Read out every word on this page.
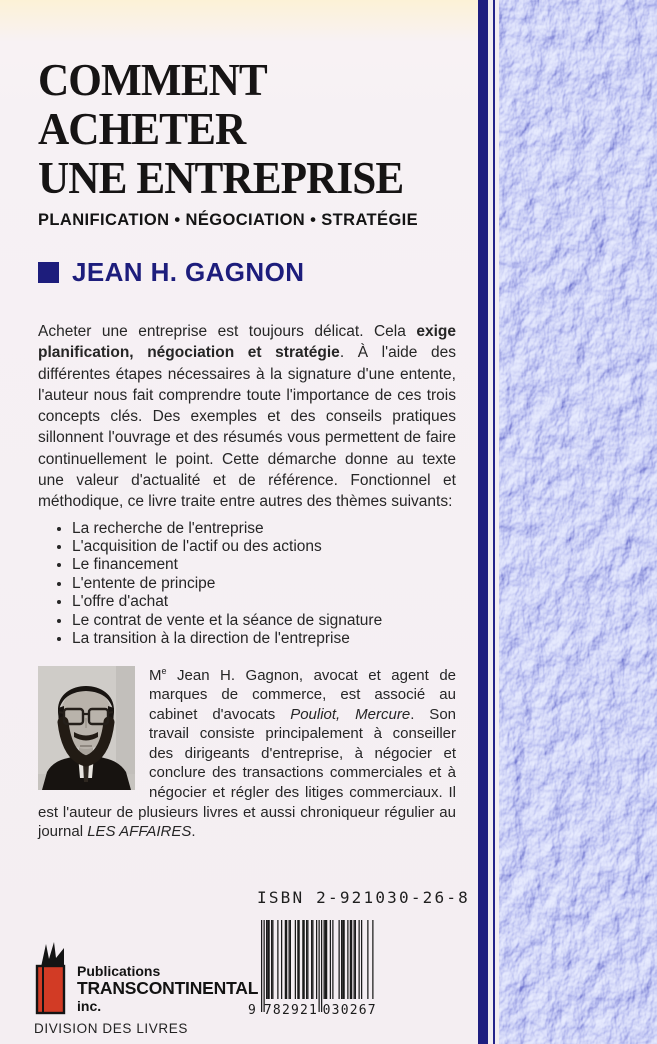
COMMENT
ACHETER
UNE ENTREPRISE
PLANIFICATION • NÉGOCIATION • STRATÉGIE
JEAN H. GAGNON

Acheter une entreprise est toujours délicat. Cela exige planification, négociation et stratégie. À l'aide des différentes étapes nécessaires à la signature d'une entente, l'auteur nous fait comprendre toute l'importance de ces trois concepts clés. Des exemples et des conseils pratiques sillonnent l'ouvrage et des résumés vous permettent de faire continuellement le point. Cette démarche donne au texte une valeur d'actualité et de référence. Fonctionnel et méthodique, ce livre traite entre autres des thèmes suivants:

• La recherche de l'entreprise
• L'acquisition de l'actif ou des actions
• Le financement
• L'entente de principe
• L'offre d'achat
• Le contrat de vente et la séance de signature
• La transition à la direction de l'entreprise

Me Jean H. Gagnon, avocat et agent de marques de commerce, est associé au cabinet d'avocats Pouliot, Mercure. Son travail consiste principalement à conseiller des dirigeants d'entreprise, à négocier et conclure des transactions commerciales et à négocier et régler des litiges commerciaux. Il est l'auteur de plusieurs livres et aussi chroniqueur régulier au journal LES AFFAIRES.

ISBN 2-921030-26-8
9 782921 030267
Publications
TRANSCONTINENTAL
inc.
DIVISION DES LIVRES
